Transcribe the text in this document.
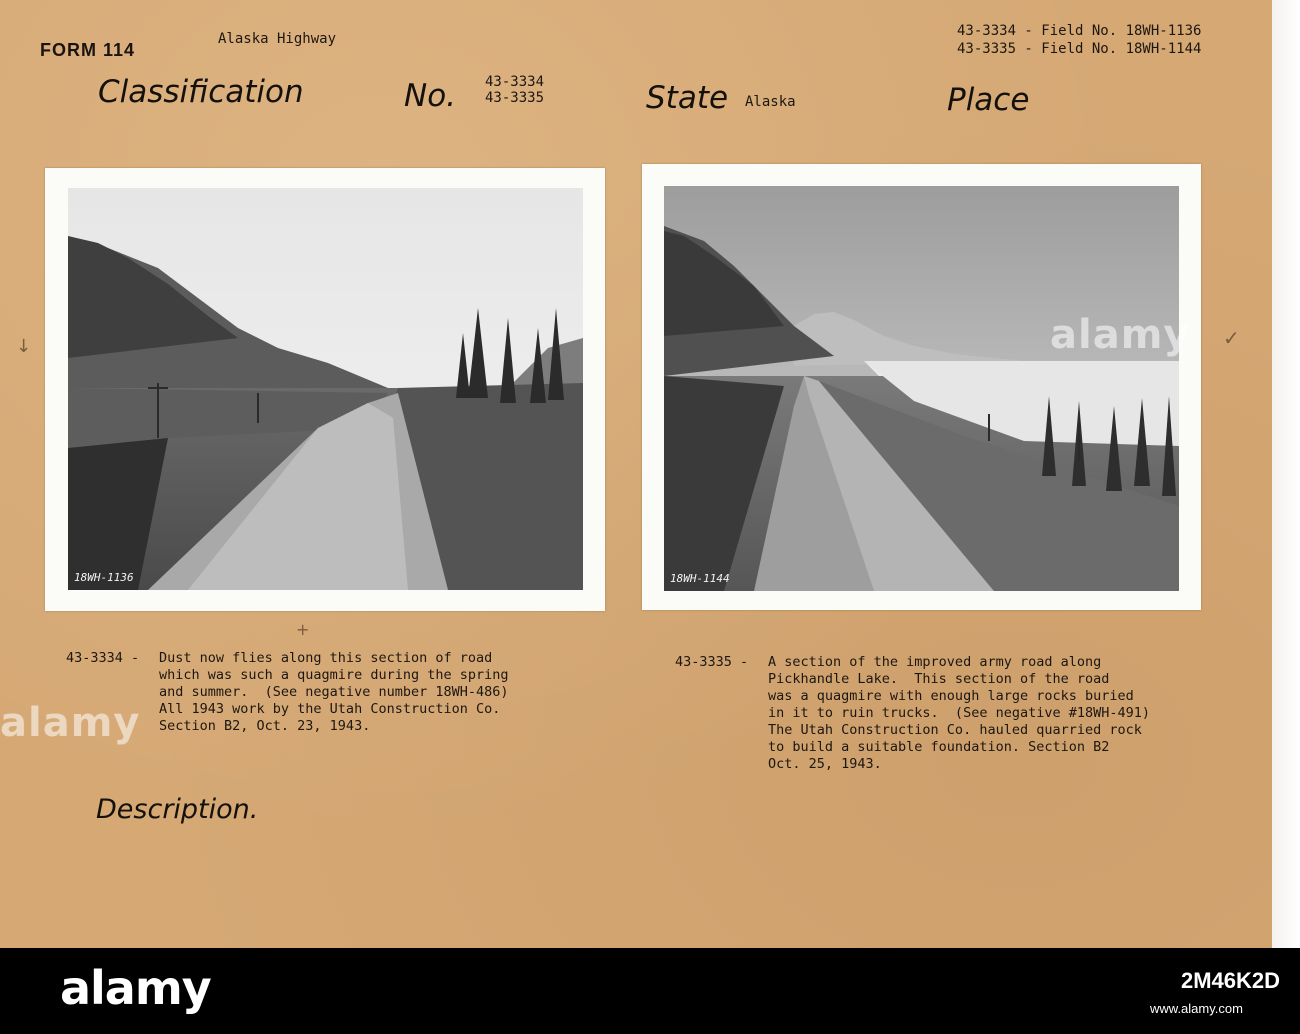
FORM 114
Alaska Highway	43-3334 - Field No. 18WH-1136
43-3335 - Field No. 18WH-1144
Classification	No. 43-3334
43-3335	State Alaska	Place
18WH-1136	18WH-1144
43-3334 - Dust now flies along this section of road
which was such a quagmire during the spring
and summer.  (See negative number 18WH-486)
All 1943 work by the Utah Construction Co.
Section B2, Oct. 23, 1943.
43-3335 - A section of the improved army road along
Pickhandle Lake.  This section of the road
was a quagmire with enough large rocks buried
in it to ruin trucks.  (See negative #18WH-491)
The Utah Construction Co. hauled quarried rock
to build a suitable foundation. Section B2
Oct. 25, 1943.
Description.
↓	✓
+
alamy
alamy
alamy	2M46K2D
www.alamy.com
